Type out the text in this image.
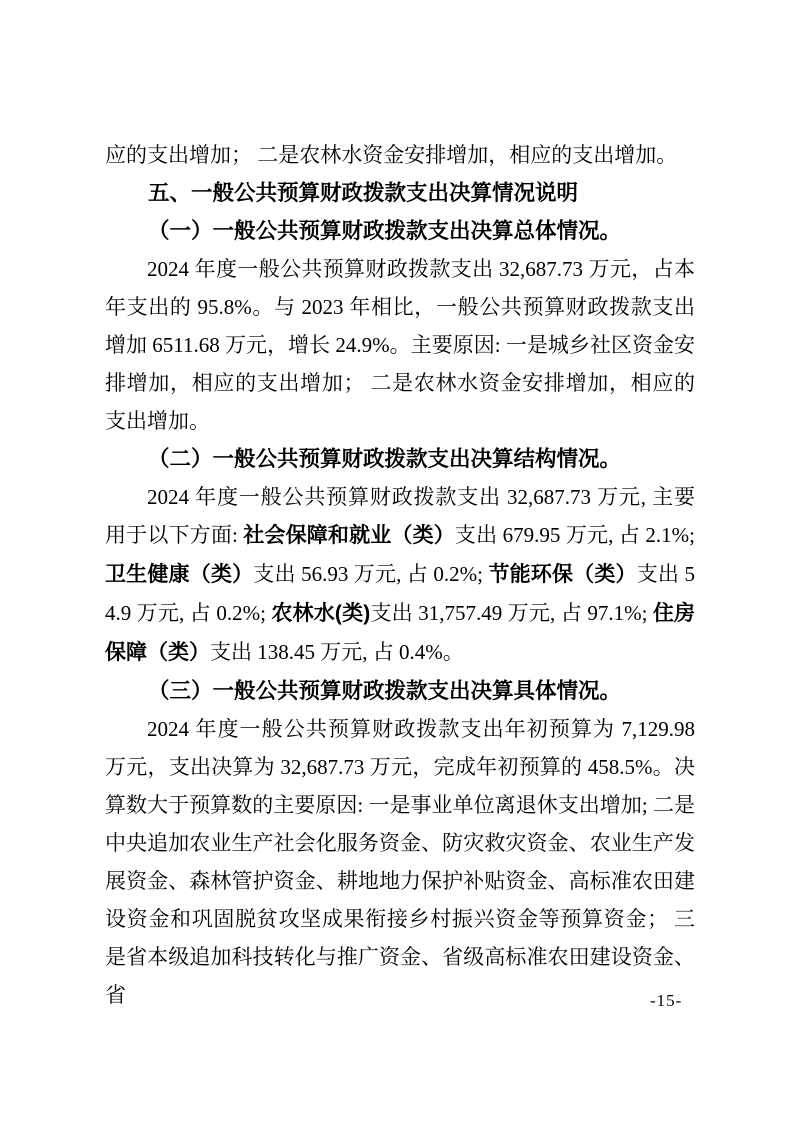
应的支出增加； 二是农林水资金安排增加，相应的支出增加。

五、一般公共预算财政拨款支出决算情况说明

（一）一般公共预算财政拨款支出决算总体情况。

2024 年度一般公共预算财政拨款支出 32,687.73 万元，占本年支出的 95.8%。与 2023 年相比，一般公共预算财政拨款支出增加 6511.68 万元，增长 24.9%。主要原因: 一是城乡社区资金安排增加，相应的支出增加； 二是农林水资金安排增加，相应的支出增加。

（二）一般公共预算财政拨款支出决算结构情况。

2024 年度一般公共预算财政拨款支出 32,687.73 万元, 主要用于以下方面: 社会保障和就业（类）支出 679.95 万元, 占 2.1%; 卫生健康（类）支出 56.93 万元, 占 0.2%; 节能环保（类）支出 54.9 万元, 占 0.2%; 农林水(类)支出 31,757.49 万元, 占 97.1%; 住房保障（类）支出 138.45 万元, 占 0.4%。

（三）一般公共预算财政拨款支出决算具体情况。

2024 年度一般公共预算财政拨款支出年初预算为 7,129.98 万元，支出决算为 32,687.73 万元，完成年初预算的 458.5%。决算数大于预算数的主要原因: 一是事业单位离退休支出增加; 二是中央追加农业生产社会化服务资金、防灾救灾资金、农业生产发展资金、森林管护资金、耕地地力保护补贴资金、高标准农田建设资金和巩固脱贫攻坚成果衔接乡村振兴资金等预算资金； 三是省本级追加科技转化与推广资金、省级高标准农田建设资金、省	-15-
